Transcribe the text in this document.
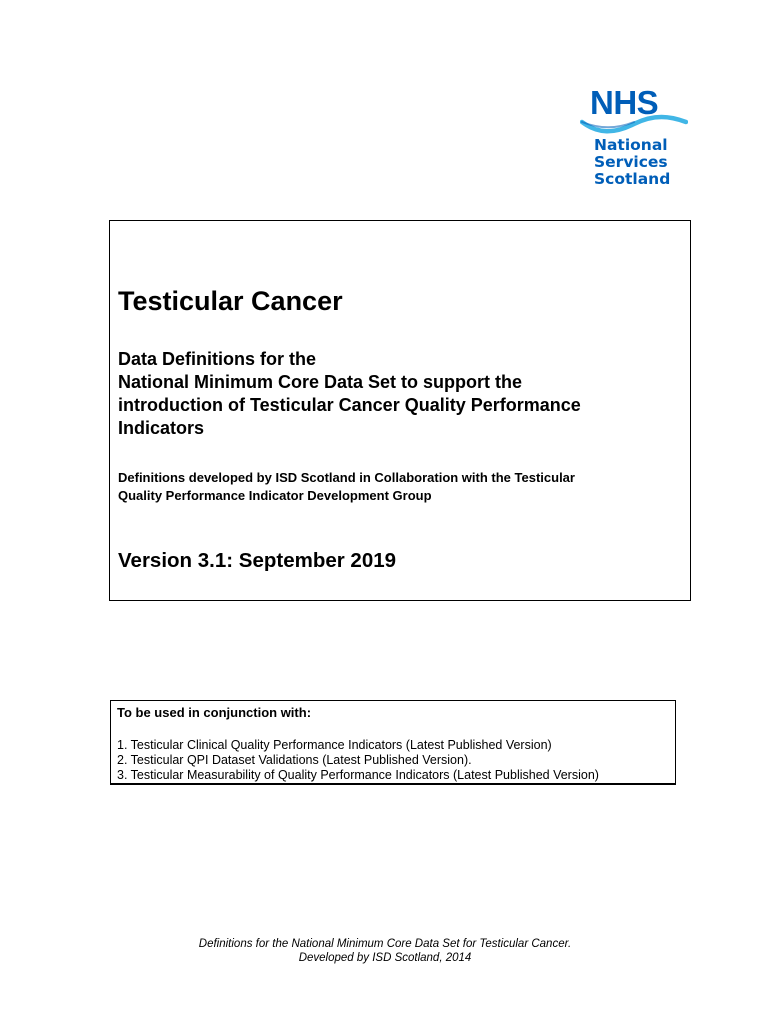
NHS
National
Services
Scotland
Testicular Cancer

Data Definitions for the
National Minimum Core Data Set to support the
introduction of Testicular Cancer Quality Performance
Indicators

Definitions developed by ISD Scotland in Collaboration with the Testicular
Quality Performance Indicator Development Group

Version 3.1: September 2019

To be used in conjunction with:

1. Testicular Clinical Quality Performance Indicators (Latest Published Version)
2. Testicular QPI Dataset Validations (Latest Published Version).
3. Testicular Measurability of Quality Performance Indicators (Latest Published Version)
Definitions for the National Minimum Core Data Set for Testicular Cancer.
Developed by ISD Scotland, 2014
